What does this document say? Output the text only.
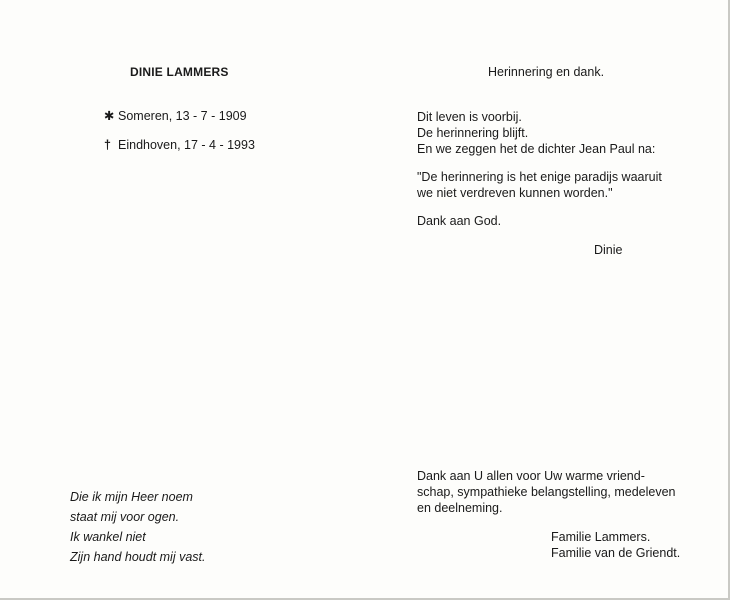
DINIE LAMMERS
✱ Someren, 13 - 7 - 1909
† Eindhoven, 17 - 4 - 1993
Die ik mijn Heer noem
staat mij voor ogen.
Ik wankel niet
Zijn hand houdt mij vast.
Herinnering en dank.
Dit leven is voorbij.
De herinnering blijft.
En we zeggen het de dichter Jean Paul na:
"De herinnering is het enige paradijs waaruit
we niet verdreven kunnen worden."
Dank aan God.
Dinie
Dank aan U allen voor Uw warme vriend-
schap, sympathieke belangstelling, medeleven
en deelneming.
Familie Lammers.
Familie van de Griendt.
